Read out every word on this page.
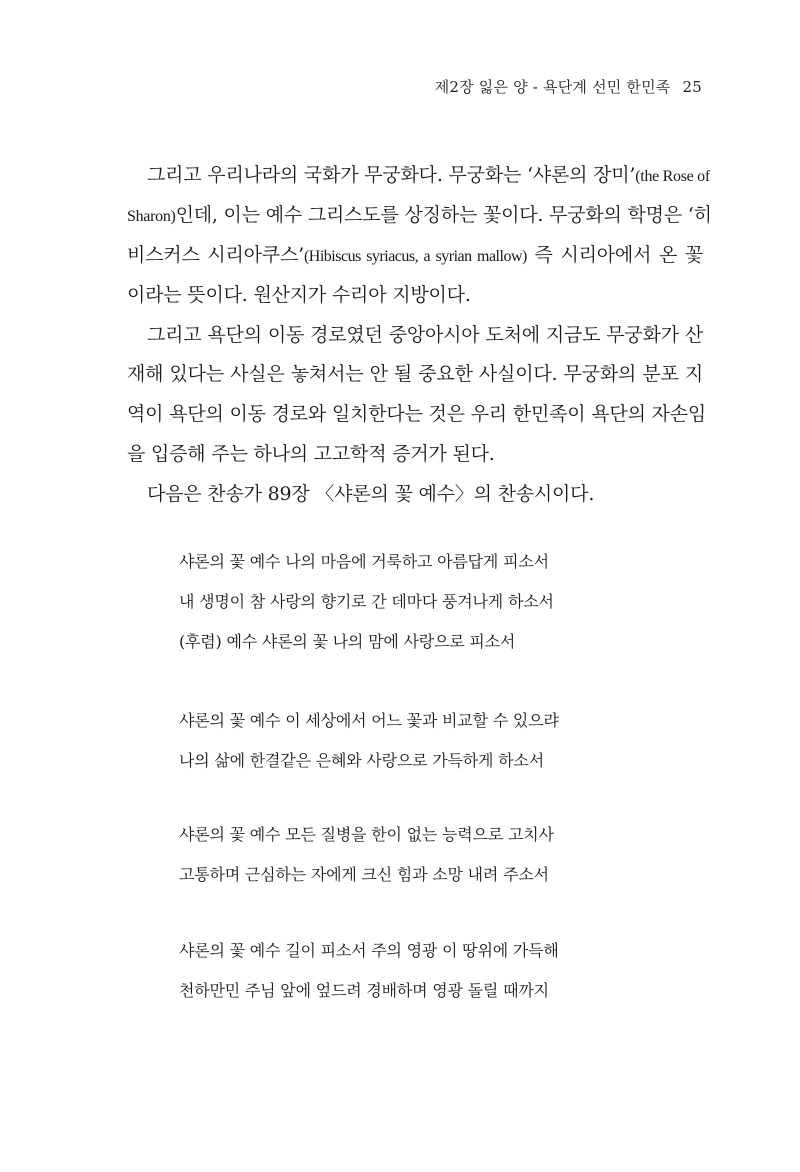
제2장 잃은 양 - 욕단계 선민 한민족 25
그리고 우리나라의 국화가 무궁화다. 무궁화는 ‘샤론의 장미’(the Rose of
Sharon)인데, 이는 예수 그리스도를 상징하는 꽃이다. 무궁화의 학명은 ‘히
비스커스 시리아쿠스’(Hibiscus syriacus, a syrian mallow) 즉 시리아에서 온 꽃
이라는 뜻이다. 원산지가 수리아 지방이다.
그리고 욕단의 이동 경로였던 중앙아시아 도처에 지금도 무궁화가 산
재해 있다는 사실은 놓쳐서는 안 될 중요한 사실이다. 무궁화의 분포 지
역이 욕단의 이동 경로와 일치한다는 것은 우리 한민족이 욕단의 자손임
을 입증해 주는 하나의 고고학적 증거가 된다.
다음은 찬송가 89장 〈샤론의 꽃 예수〉의 찬송시이다.
샤론의 꽃 예수 나의 마음에 거룩하고 아름답게 피소서
내 생명이 참 사랑의 향기로 간 데마다 풍겨나게 하소서
(후렴) 예수 샤론의 꽃 나의 맘에 사랑으로 피소서
샤론의 꽃 예수 이 세상에서 어느 꽃과 비교할 수 있으랴
나의 삶에 한결같은 은혜와 사랑으로 가득하게 하소서
샤론의 꽃 예수 모든 질병을 한이 없는 능력으로 고치사
고통하며 근심하는 자에게 크신 힘과 소망 내려 주소서
샤론의 꽃 예수 길이 피소서 주의 영광 이 땅위에 가득해
천하만민 주님 앞에 엎드려 경배하며 영광 돌릴 때까지
